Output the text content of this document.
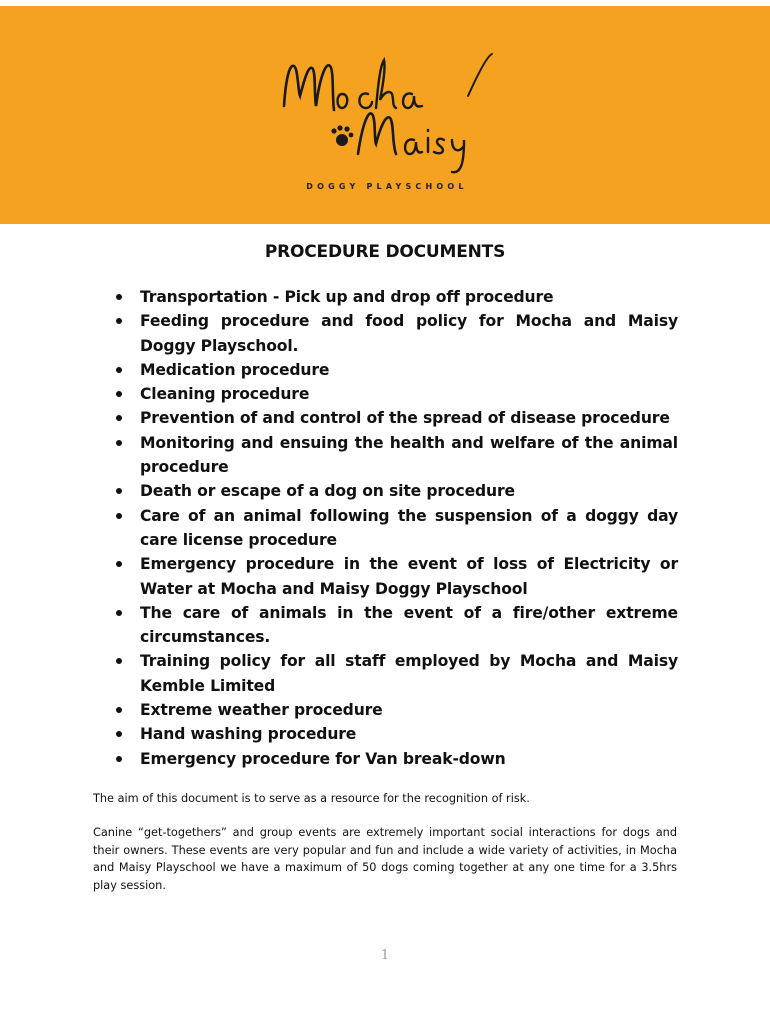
DOGGY PLAYSCHOOL
PROCEDURE DOCUMENTS
Transportation - Pick up and drop off procedure
Feeding procedure and food policy for Mocha and Maisy Doggy Playschool.
Medication procedure
Cleaning procedure
Prevention of and control of the spread of disease procedure
Monitoring and ensuing the health and welfare of the animal procedure
Death or escape of a dog on site procedure
Care of an animal following the suspension of a doggy day care license procedure
Emergency procedure in the event of loss of Electricity or Water at Mocha and Maisy Doggy Playschool
The care of animals in the event of a fire/other extreme circumstances.
Training policy for all staff employed by Mocha and Maisy Kemble Limited
Extreme weather procedure
Hand washing procedure
Emergency procedure for Van break-down

The aim of this document is to serve as a resource for the recognition of risk.

Canine “get-togethers” and group events are extremely important social interactions for dogs and their owners. These events are very popular and fun and include a wide variety of activities, in Mocha and Maisy Playschool we have a maximum of 50 dogs coming together at any one time for a 3.5hrs play session.

1
